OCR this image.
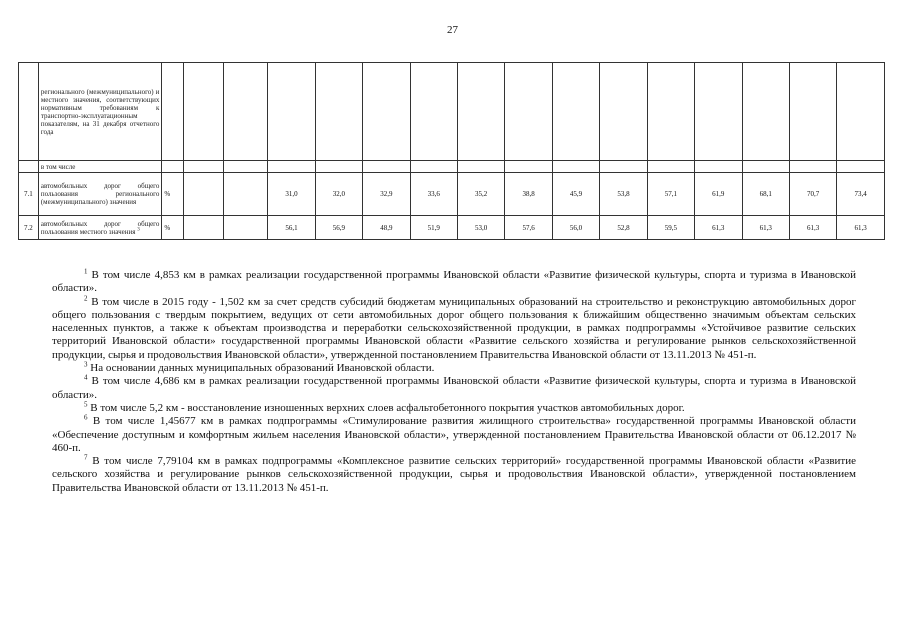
27
	регионального (межмуниципального) и местного значения, соответствующих нормативным требованиям к транспортно-эксплуатационным показателям, на 31 декабря отчетного года																
	в том числе																
7.1	автомобильных дорог общего пользования регионального (межмуниципального) значения	%			31,0	32,0	32,9	33,6	35,2	38,8	45,9	53,8	57,1	61,9	68,1	70,7	73,4
7.2	автомобильных дорог общего пользования местного значения $^3$	%			56,1	56,9	48,9	51,9	53,0	57,6	56,0	52,8	59,5	61,3	61,3	61,3	61,3

$^1$ В том числе 4,853 км в рамках реализации государственной программы Ивановской области «Развитие физической культуры, спорта и туризма в Ивановской области».

$^2$ В том числе в 2015 году - 1,502 км за счет средств субсидий бюджетам муниципальных образований на строительство и реконструкцию автомобильных дорог общего пользования с твердым покрытием, ведущих от сети автомобильных дорог общего пользования к ближайшим общественно значимым объектам сельских населенных пунктов, а также к объектам производства и переработки сельскохозяйственной продукции, в рамках подпрограммы «Устойчивое развитие сельских территорий Ивановской области» государственной программы Ивановской области «Развитие сельского хозяйства и регулирование рынков сельскохозяйственной продукции, сырья и продовольствия Ивановской области», утвержденной постановлением Правительства Ивановской области от 13.11.2013 № 451-п.

$^3$ На основании данных муниципальных образований Ивановской области.

$^4$ В том числе 4,686 км в рамках реализации государственной программы Ивановской области «Развитие физической культуры, спорта и туризма в Ивановской области».

$^5$ В том числе 5,2 км - восстановление изношенных верхних слоев асфальтобетонного покрытия участков автомобильных дорог.

$^6$ В том числе 1,45677 км в рамках подпрограммы «Стимулирование развития жилищного строительства» государственной программы Ивановской области «Обеспечение доступным и комфортным жильем населения Ивановской области», утвержденной постановлением Правительства Ивановской области от 06.12.2017 № 460-п.

$^7$ В том числе 7,79104 км в рамках подпрограммы «Комплексное развитие сельских территорий» государственной программы Ивановской области «Развитие сельского хозяйства и регулирование рынков сельскохозяйственной продукции, сырья и продовольствия Ивановской области», утвержденной постановлением Правительства Ивановской области от 13.11.2013 № 451-п.
